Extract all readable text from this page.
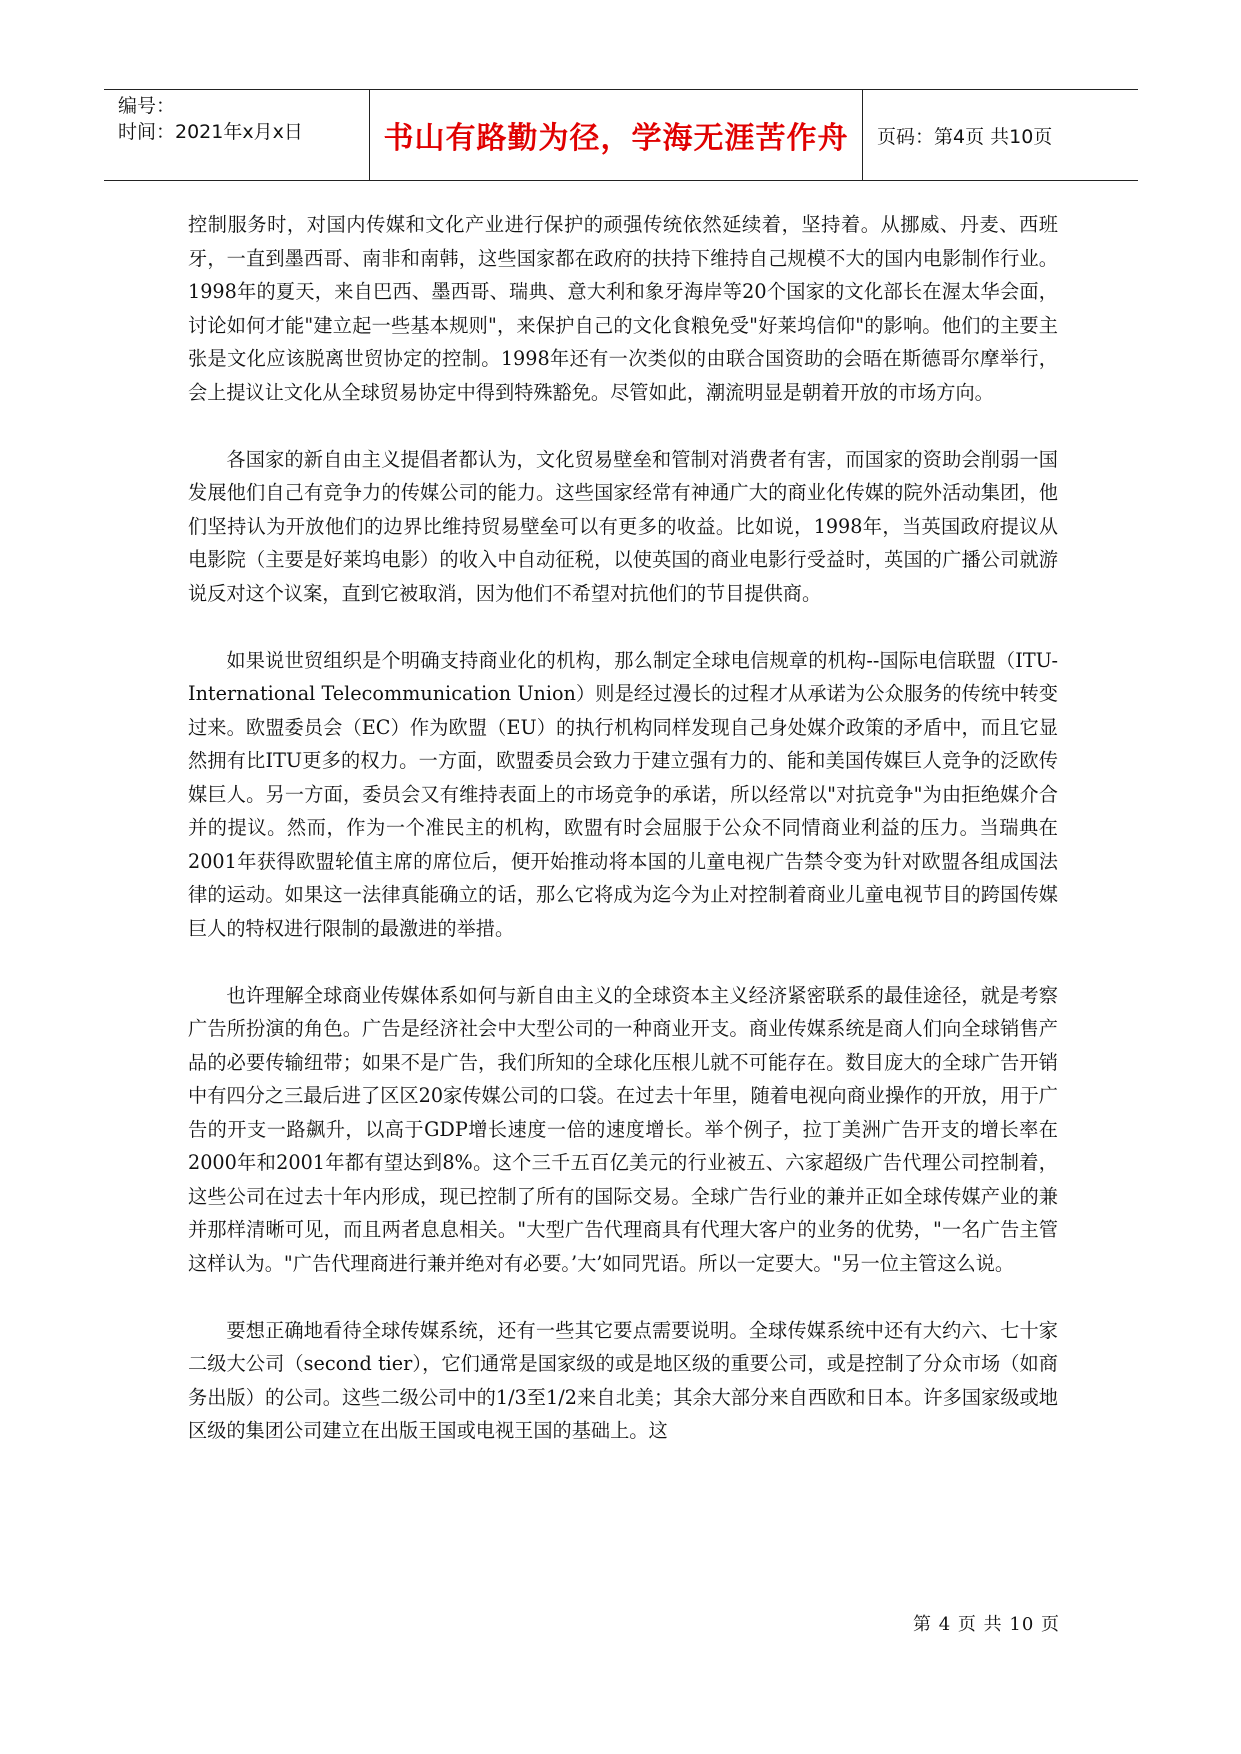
编号：
时间：2021年x月x日	书山有路勤为径，学海无涯苦作舟	页码：第4页 共10页

控制服务时，对国内传媒和文化产业进行保护的顽强传统依然延续着，坚持着。从挪威、丹麦、西班牙，一直到墨西哥、南非和南韩，这些国家都在政府的扶持下维持自己规模不大的国内电影制作行业。1998年的夏天，来自巴西、墨西哥、瑞典、意大利和象牙海岸等20个国家的文化部长在渥太华会面，讨论如何才能"建立起一些基本规则"，来保护自己的文化食粮免受"好莱坞信仰"的影响。他们的主要主张是文化应该脱离世贸协定的控制。1998年还有一次类似的由联合国资助的会晤在斯德哥尔摩举行，会上提议让文化从全球贸易协定中得到特殊豁免。尽管如此，潮流明显是朝着开放的市场方向。

各国家的新自由主义提倡者都认为，文化贸易壁垒和管制对消费者有害，而国家的资助会削弱一国发展他们自己有竞争力的传媒公司的能力。这些国家经常有神通广大的商业化传媒的院外活动集团，他们坚持认为开放他们的边界比维持贸易壁垒可以有更多的收益。比如说，1998年，当英国政府提议从电影院（主要是好莱坞电影）的收入中自动征税，以使英国的商业电影行受益时，英国的广播公司就游说反对这个议案，直到它被取消，因为他们不希望对抗他们的节目提供商。

如果说世贸组织是个明确支持商业化的机构，那么制定全球电信规章的机构--国际电信联盟（ITU-International Telecommunication Union）则是经过漫长的过程才从承诺为公众服务的传统中转变过来。欧盟委员会（EC）作为欧盟（EU）的执行机构同样发现自己身处媒介政策的矛盾中，而且它显然拥有比ITU更多的权力。一方面，欧盟委员会致力于建立强有力的、能和美国传媒巨人竞争的泛欧传媒巨人。另一方面，委员会又有维持表面上的市场竞争的承诺，所以经常以"对抗竞争"为由拒绝媒介合并的提议。然而，作为一个准民主的机构，欧盟有时会屈服于公众不同情商业利益的压力。当瑞典在2001年获得欧盟轮值主席的席位后，便开始推动将本国的儿童电视广告禁令变为针对欧盟各组成国法律的运动。如果这一法律真能确立的话，那么它将成为迄今为止对控制着商业儿童电视节目的跨国传媒巨人的特权进行限制的最激进的举措。

也许理解全球商业传媒体系如何与新自由主义的全球资本主义经济紧密联系的最佳途径，就是考察广告所扮演的角色。广告是经济社会中大型公司的一种商业开支。商业传媒系统是商人们向全球销售产品的必要传输纽带；如果不是广告，我们所知的全球化压根儿就不可能存在。数目庞大的全球广告开销中有四分之三最后进了区区20家传媒公司的口袋。在过去十年里，随着电视向商业操作的开放，用于广告的开支一路飙升，以高于GDP增长速度一倍的速度增长。举个例子，拉丁美洲广告开支的增长率在2000年和2001年都有望达到8%。这个三千五百亿美元的行业被五、六家超级广告代理公司控制着，这些公司在过去十年内形成，现已控制了所有的国际交易。全球广告行业的兼并正如全球传媒产业的兼并那样清晰可见，而且两者息息相关。"大型广告代理商具有代理大客户的业务的优势，"一名广告主管这样认为。"广告代理商进行兼并绝对有必要。’大’如同咒语。所以一定要大。"另一位主管这么说。

要想正确地看待全球传媒系统，还有一些其它要点需要说明。全球传媒系统中还有大约六、七十家二级大公司（second tier），它们通常是国家级的或是地区级的重要公司，或是控制了分众市场（如商务出版）的公司。这些二级公司中的1/3至1/2来自北美；其余大部分来自西欧和日本。许多国家级或地区级的集团公司建立在出版王国或电视王国的基础上。这

第 4 页 共 10 页
